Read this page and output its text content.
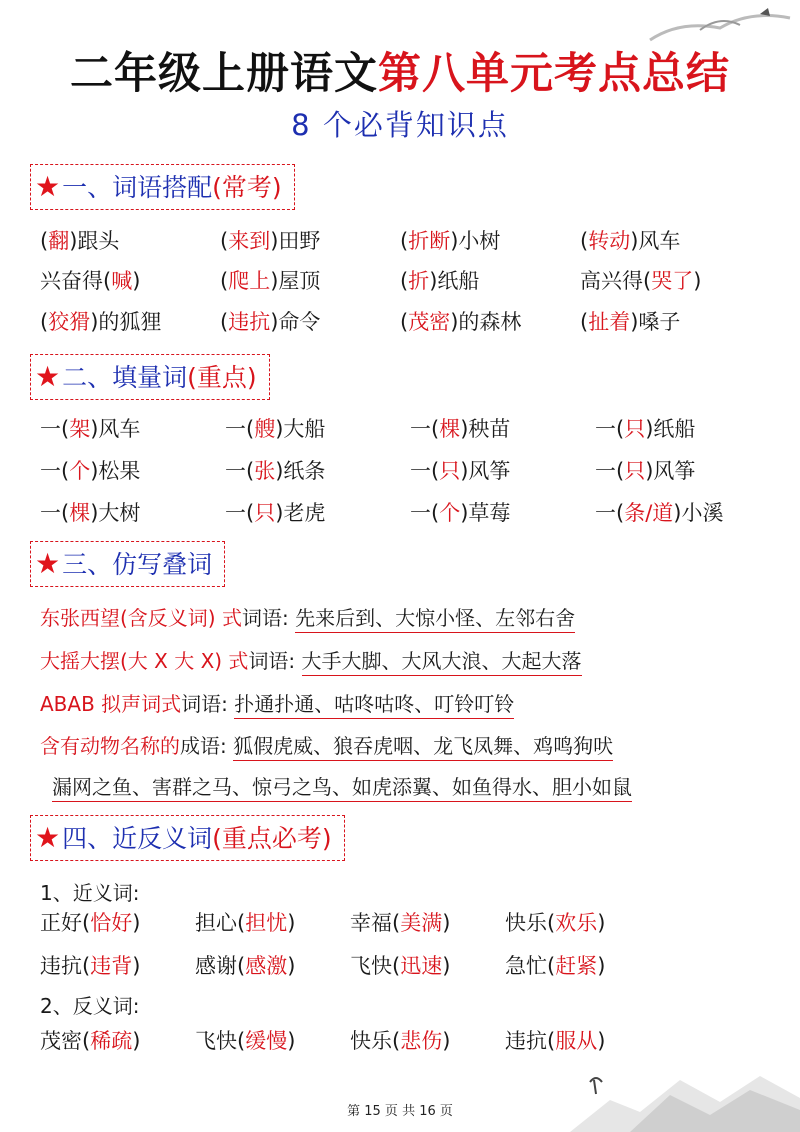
二年级上册语文第八单元考点总结
8 个必背知识点
★一、词语搭配(常考)
(翻)跟头	(来到)田野	(折断)小树	(转动)风车
兴奋得(喊)	(爬上)屋顶	(折)纸船	高兴得(哭了)
(狡猾)的狐狸	(违抗)命令	(茂密)的森林	(扯着)嗓子
★二、填量词(重点)
一(架)风车	一(艘)大船	一(棵)秧苗	一(只)纸船
一(个)松果	一(张)纸条	一(只)风筝	一(只)风筝
一(棵)大树	一(只)老虎	一(个)草莓	一(条/道)小溪
★三、仿写叠词
东张西望(含反义词) 式词语: 先来后到、大惊小怪、左邻右舍
大摇大摆(大 X 大 X) 式词语: 大手大脚、大风大浪、大起大落
ABAB 拟声词式词语: 扑通扑通、咕咚咕咚、叮铃叮铃
含有动物名称的成语: 狐假虎威、狼吞虎咽、龙飞凤舞、鸡鸣狗吠
漏网之鱼、害群之马、惊弓之鸟、如虎添翼、如鱼得水、胆小如鼠
★四、近反义词(重点必考)
1、近义词:
正好(恰好)	担心(担忧)	幸福(美满)	快乐(欢乐)
违抗(违背)	感谢(感激)	飞快(迅速)	急忙(赶紧)
2、反义词:
茂密(稀疏)	飞快(缓慢)	快乐(悲伤)	违抗(服从)
第 15 页 共 16 页
